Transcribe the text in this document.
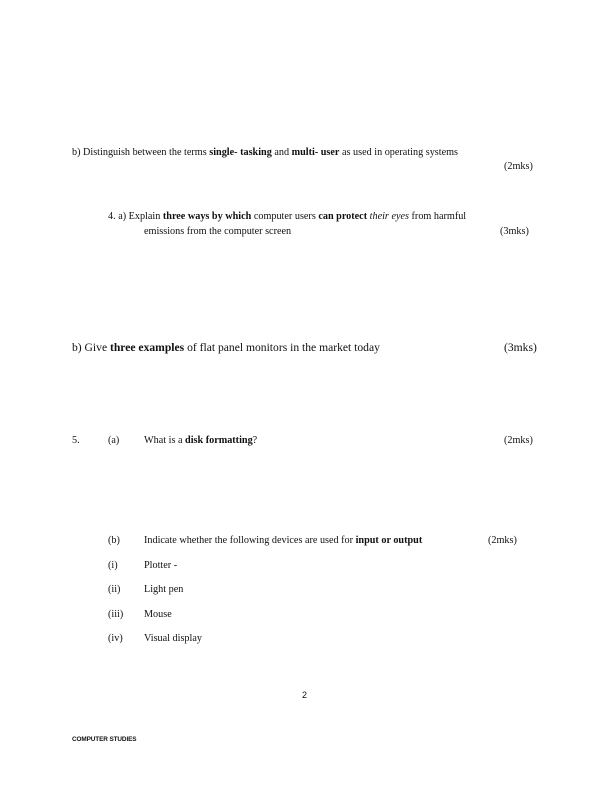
b) Distinguish between the terms single- tasking and multi- user as used in operating systems
(2mks)
4. a) Explain three ways by which computer users can protect their eyes from harmful
emissions from the computer screen	(3mks)
b) Give three examples of flat panel monitors in the market today	(3mks)
5.	(a) What is a disk formatting?	(2mks)
(b) Indicate whether the following devices are used for input or output	(2mks)
(i)	Plotter -
(ii) Light pen
(iii) Mouse
(iv) Visual display
2
COMPUTER STUDIES
